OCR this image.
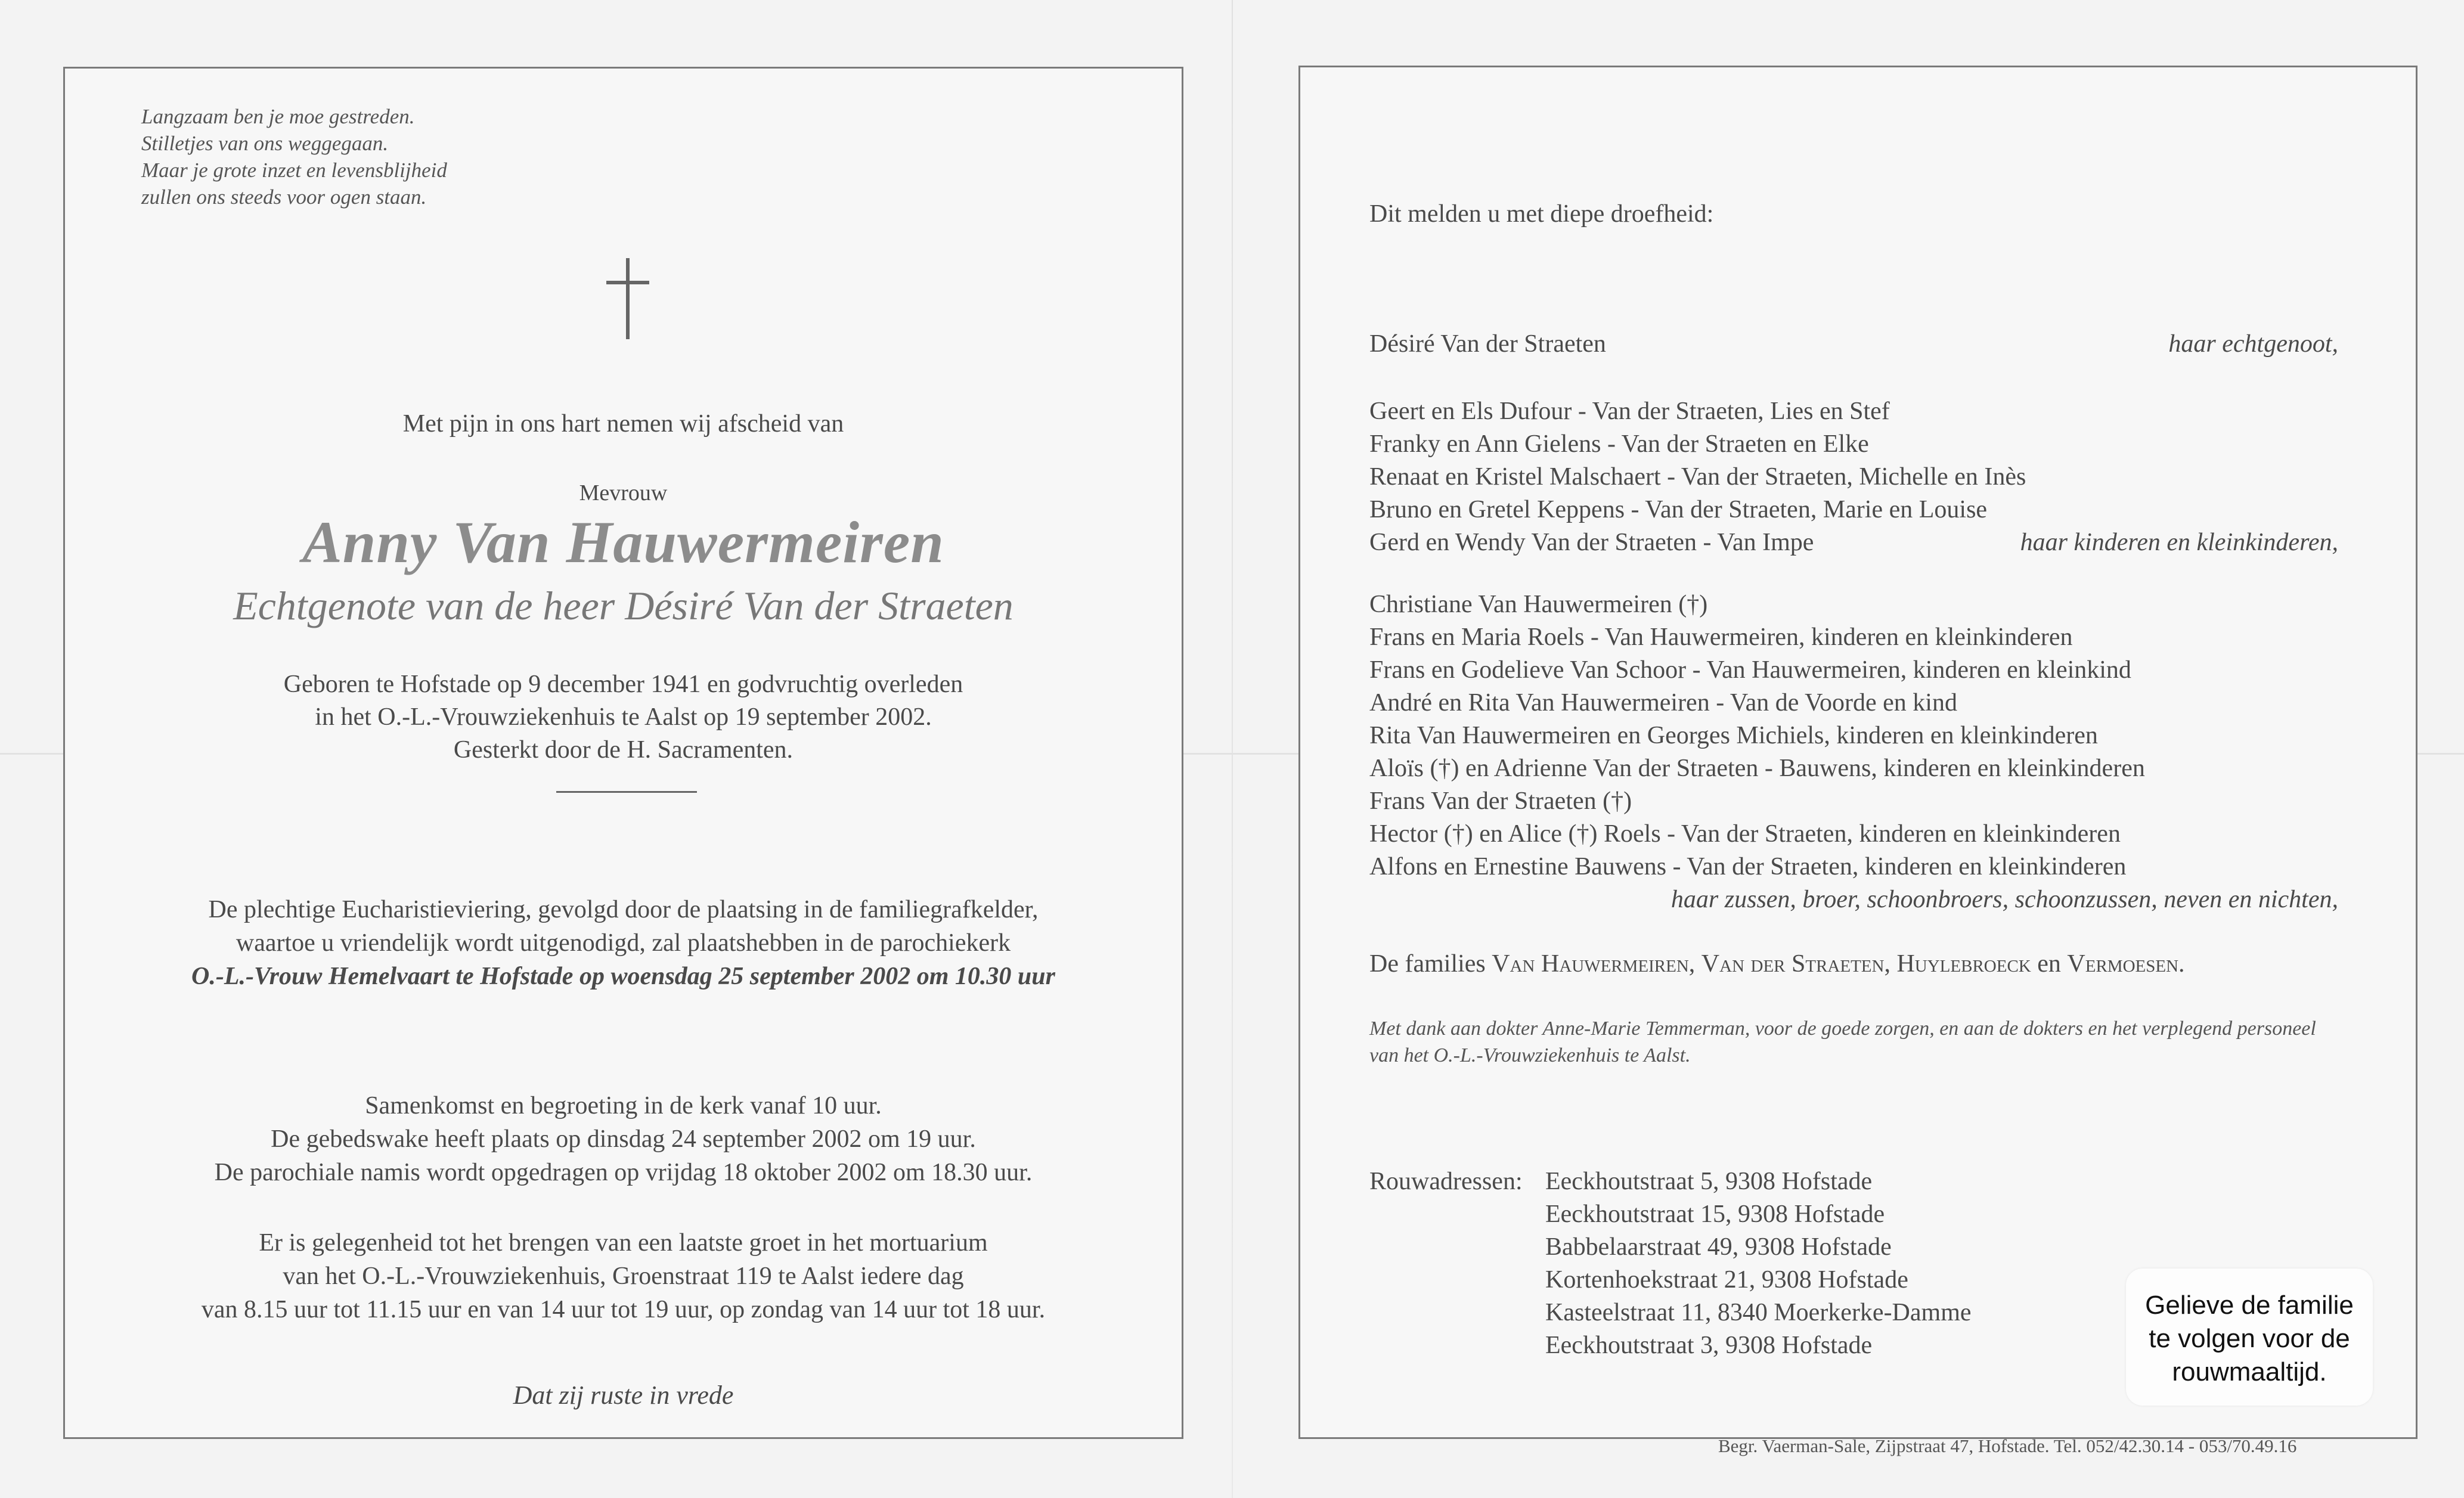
Langzaam ben je moe gestreden.
Stilletjes van ons weggegaan.
Maar je grote inzet en levensblijheid
zullen ons steeds voor ogen staan.
Met pijn in ons hart nemen wij afscheid van
Mevrouw
Anny Van Hauwermeiren
Echtgenote van de heer Désiré Van der Straeten
Geboren te Hofstade op 9 december 1941 en godvruchtig overleden
in het O.-L.-Vrouwziekenhuis te Aalst op 19 september 2002.
Gesterkt door de H. Sacramenten.
De plechtige Eucharistieviering, gevolgd door de plaatsing in de familiegrafkelder,
waartoe u vriendelijk wordt uitgenodigd, zal plaatshebben in de parochiekerk
O.-L.-Vrouw Hemelvaart te Hofstade op woensdag 25 september 2002 om 10.30 uur
Samenkomst en begroeting in de kerk vanaf 10 uur.
De gebedswake heeft plaats op dinsdag 24 september 2002 om 19 uur.
De parochiale namis wordt opgedragen op vrijdag 18 oktober 2002 om 18.30 uur.
Er is gelegenheid tot het brengen van een laatste groet in het mortuarium
van het O.-L.-Vrouwziekenhuis, Groenstraat 119 te Aalst iedere dag
van 8.15 uur tot 11.15 uur en van 14 uur tot 19 uur, op zondag van 14 uur tot 18 uur.
Dat zij ruste in vrede
Dit melden u met diepe droefheid:
Désiré Van der Straeten	haar echtgenoot,
Geert en Els Dufour - Van der Straeten, Lies en Stef
Franky en Ann Gielens - Van der Straeten en Elke
Renaat en Kristel Malschaert - Van der Straeten, Michelle en Inès
Bruno en Gretel Keppens - Van der Straeten, Marie en Louise
Gerd en Wendy Van der Straeten - Van Impe	haar kinderen en kleinkinderen,
Christiane Van Hauwermeiren (†)
Frans en Maria Roels - Van Hauwermeiren, kinderen en kleinkinderen
Frans en Godelieve Van Schoor - Van Hauwermeiren, kinderen en kleinkind
André en Rita Van Hauwermeiren - Van de Voorde en kind
Rita Van Hauwermeiren en Georges Michiels, kinderen en kleinkinderen
Aloïs (†) en Adrienne Van der Straeten - Bauwens, kinderen en kleinkinderen
Frans Van der Straeten (†)
Hector (†) en Alice (†) Roels - Van der Straeten, kinderen en kleinkinderen
Alfons en Ernestine Bauwens - Van der Straeten, kinderen en kleinkinderen
haar zussen, broer, schoonbroers, schoonzussen, neven en nichten,
De families Van Hauwermeiren, Van der Straeten, Huylebroeck en Vermoesen.
Met dank aan dokter Anne-Marie Temmerman, voor de goede zorgen, en aan de dokters en het verplegend personeel van het O.-L.-Vrouwziekenhuis te Aalst.
Rouwadressen: Eeckhoutstraat 5, 9308 Hofstade
Eeckhoutstraat 15, 9308 Hofstade
Babbelaarstraat 49, 9308 Hofstade
Kortenhoekstraat 21, 9308 Hofstade
Kasteelstraat 11, 8340 Moerkerke-Damme
Eeckhoutstraat 3, 9308 Hofstade
Gelieve de familie
te volgen voor de
rouwmaaltijd.
Begr. Vaerman-Sale, Zijpstraat 47, Hofstade. Tel. 052/42.30.14 - 053/70.49.16
